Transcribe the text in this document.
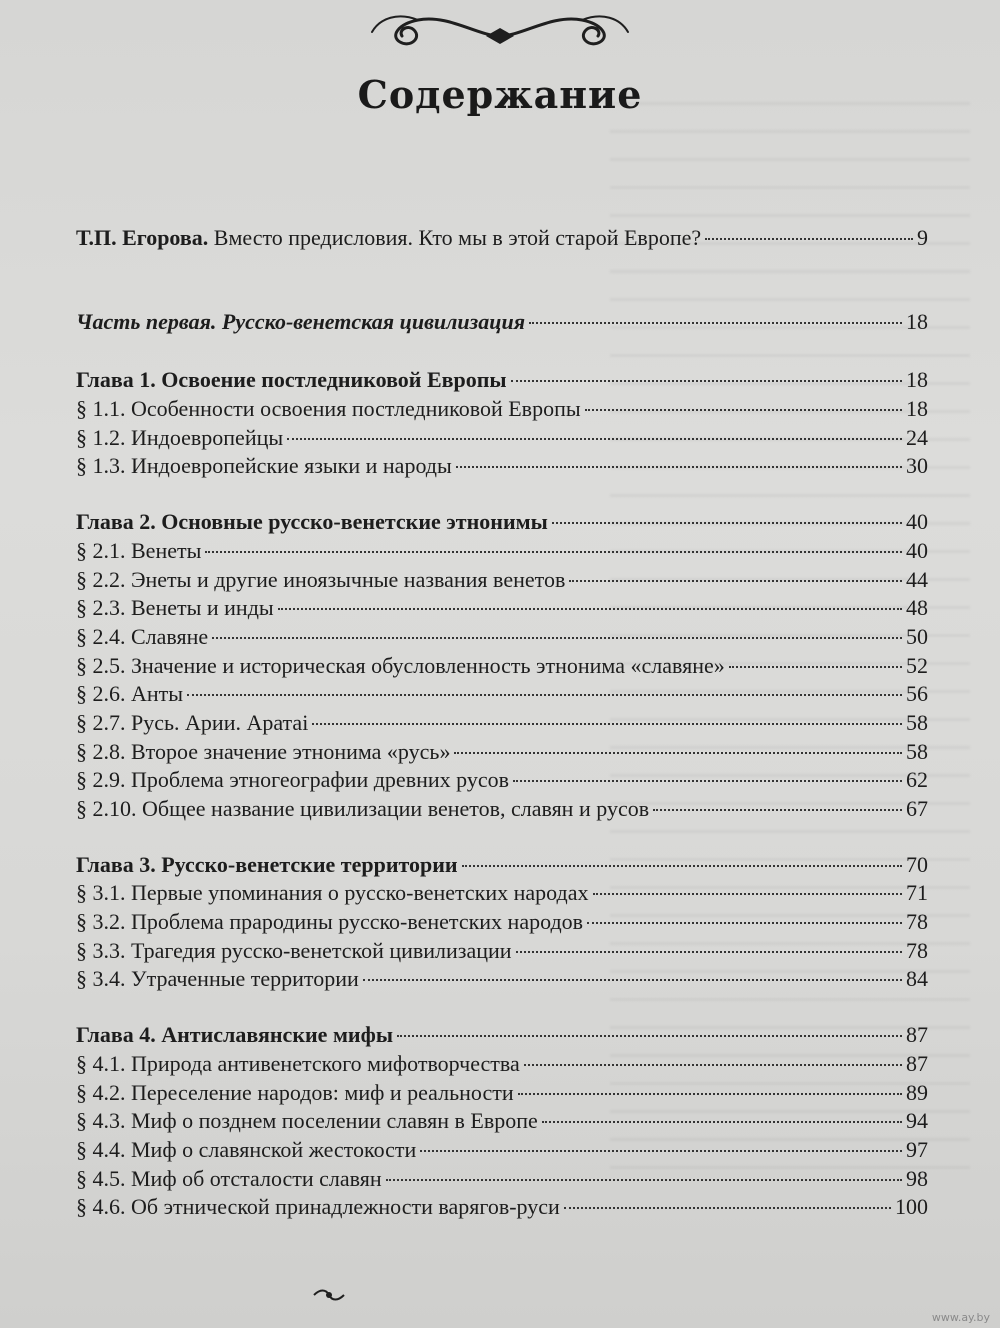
Содержание
Т.П. Егорова. Вместо предисловия. Кто мы в этой старой Европе?	9
Часть первая. Русско-венетская цивилизация	18
Глава 1. Освоение постледниковой Европы	18
§ 1.1. Особенности освоения постледниковой Европы	18
§ 1.2. Индоевропейцы	24
§ 1.3. Индоевропейские языки и народы	30
Глава 2. Основные русско-венетские этнонимы	40
§ 2.1. Венеты	40
§ 2.2. Энеты и другие иноязычные названия венетов	44
§ 2.3. Венеты и инды	48
§ 2.4. Славяне	50
§ 2.5. Значение и историческая обусловленность этнонима «славяне»	52
§ 2.6. Анты	56
§ 2.7. Русь. Арии. Аратаі	58
§ 2.8. Второе значение этнонима «русь»	58
§ 2.9. Проблема этногеографии древних русов	62
§ 2.10. Общее название цивилизации венетов, славян и русов	67
Глава 3. Русско-венетские территории	70
§ 3.1. Первые упоминания о русско-венетских народах	71
§ 3.2. Проблема прародины русско-венетских народов	78
§ 3.3. Трагедия русско-венетской цивилизации	78
§ 3.4. Утраченные территории	84
Глава 4. Антиславянские мифы	87
§ 4.1. Природа антивенетского мифотворчества	87
§ 4.2. Переселение народов: миф и реальности	89
§ 4.3. Миф о позднем поселении славян в Европе	94
§ 4.4. Миф о славянской жестокости	97
§ 4.5. Миф об отсталости славян	98
§ 4.6. Об этнической принадлежности варягов-руси	100
www.ay.by
